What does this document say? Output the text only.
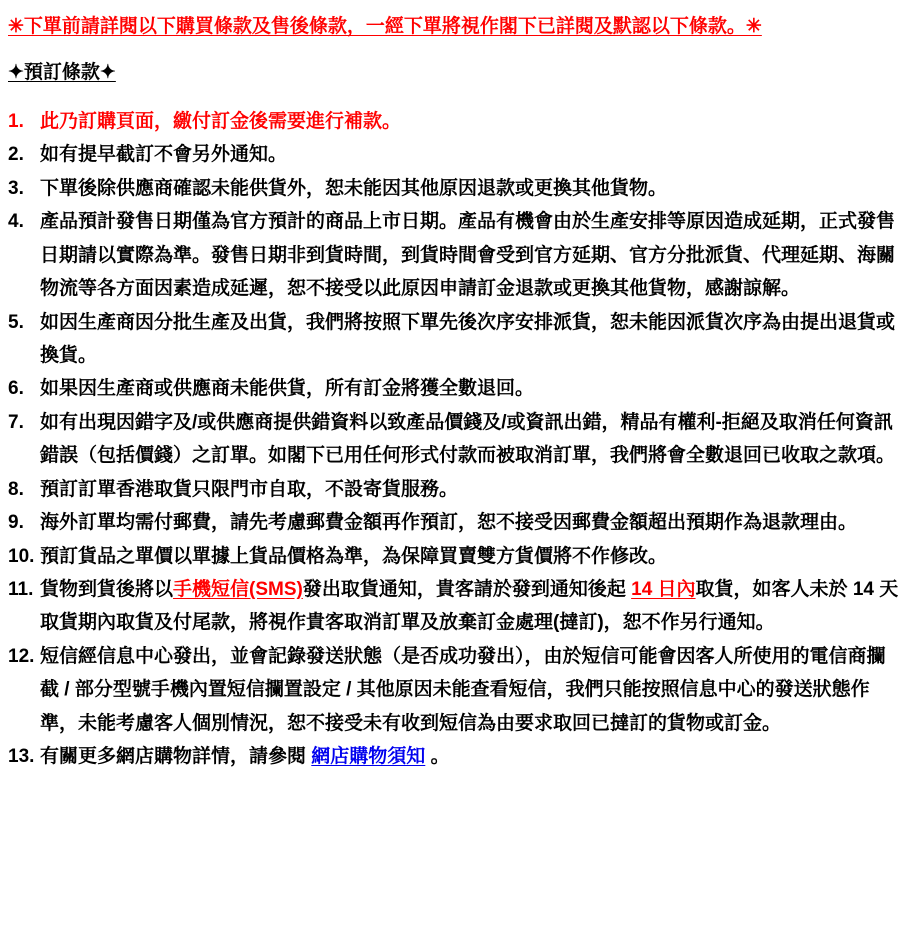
✳下單前請詳閱以下購買條款及售後條款，一經下單將視作閣下已詳閱及默認以下條款。✳

✦預訂條款✦
1. 此乃訂購頁面，繳付訂金後需要進行補款。
2. 如有提早截訂不會另外通知。
3. 下單後除供應商確認未能供貨外，恕未能因其他原因退款或更換其他貨物。
4. 產品預計發售日期僅為官方預計的商品上市日期。產品有機會由於生產安排等原因造成延期，正式發售日期請以實際為準。發售日期非到貨時間，到貨時間會受到官方延期、官方分批派貨、代理延期、海關物流等各方面因素造成延遲，恕不接受以此原因申請訂金退款或更換其他貨物，感謝諒解。
5. 如因生產商因分批生產及出貨，我們將按照下單先後次序安排派貨，恕未能因派貨次序為由提出退貨或換貨。
6. 如果因生產商或供應商未能供貨，所有訂金將獲全數退回。
7. 如有出現因錯字及/或供應商提供錯資料以致產品價錢及/或資訊出錯，精品有權利-拒絕及取消任何資訊錯誤（包括價錢）之訂單。如閣下已用任何形式付款而被取消訂單，我們將會全數退回已收取之款項。
8. 預訂訂單香港取貨只限門市自取，不設寄貨服務。
9. 海外訂單均需付郵費，請先考慮郵費金額再作預訂，恕不接受因郵費金額超出預期作為退款理由。
10. 預訂貨品之單價以單據上貨品價格為準，為保障買賣雙方貨價將不作修改。
11. 貨物到貨後將以手機短信(SMS)發出取貨通知，貴客請於發到通知後起 14 日內取貨，如客人未於 14 天取貨期內取貨及付尾款，將視作貴客取消訂單及放棄訂金處理(撻訂)，恕不作另行通知。
12. 短信經信息中心發出，並會記錄發送狀態（是否成功發出），由於短信可能會因客人所使用的電信商攔截 / 部分型號手機內置短信攔置設定 / 其他原因未能查看短信，我們只能按照信息中心的發送狀態作準，未能考慮客人個別情況，恕不接受未有收到短信為由要求取回已撻訂的貨物或訂金。
13. 有關更多網店購物詳情，請參閱 網店購物須知 。
